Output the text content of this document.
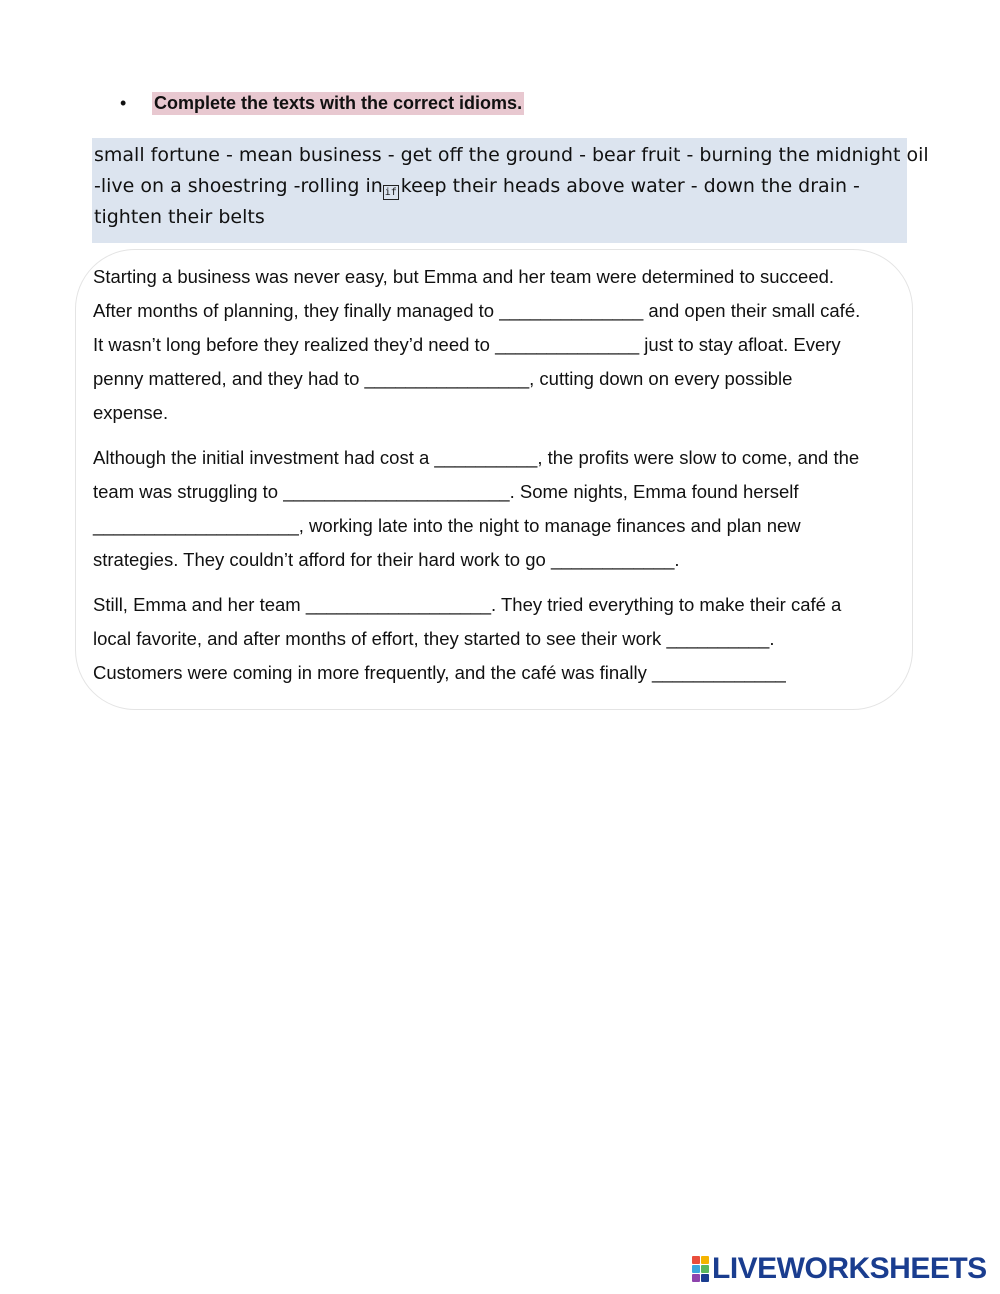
•	Complete the texts with the correct idioms.
small fortune - mean business - get off the ground - bear fruit - burning the midnight oil
-live on a shoestring -rolling in if keep their heads above water - down the drain -
tighten their belts
Starting a business was never easy, but Emma and her team were determined to succeed.
After months of planning, they finally managed to ______________ and open their small café.
It wasn’t long before they realized they’d need to ______________ just to stay afloat. Every
penny mattered, and they had to ________________, cutting down on every possible
expense.
Although the initial investment had cost a __________, the profits were slow to come, and the
team was struggling to ______________________. Some nights, Emma found herself
____________________, working late into the night to manage finances and plan new
strategies. They couldn’t afford for their hard work to go ____________.
Still, Emma and her team __________________. They tried everything to make their café a
local favorite, and after months of effort, they started to see their work __________.
Customers were coming in more frequently, and the café was finally _____________
LIVEWORKSHEETS
